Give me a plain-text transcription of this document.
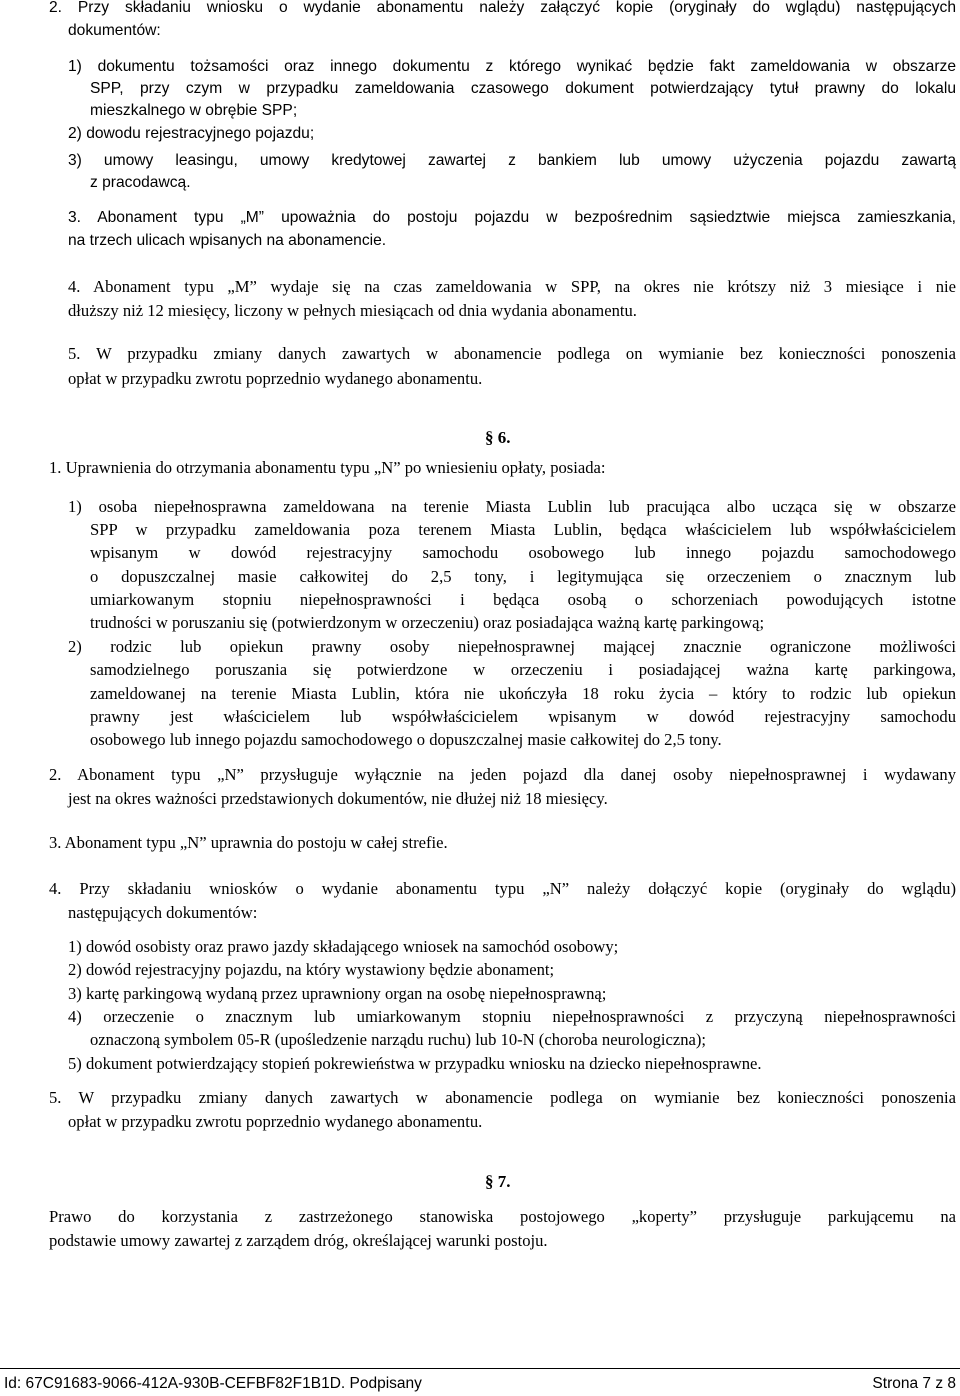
2. Przy składaniu wniosku o wydanie abonamentu należy załączyć kopie (oryginały do wglądu) następujących
dokumentów:
1) dokumentu tożsamości oraz innego dokumentu z którego wynikać będzie fakt zameldowania w obszarze
SPP, przy czym w przypadku zameldowania czasowego dokument potwierdzający tytuł prawny do lokalu
mieszkalnego w obrębie SPP;
2) dowodu rejestracyjnego pojazdu;
3) umowy leasingu, umowy kredytowej zawartej z bankiem lub umowy użyczenia pojazdu zawartą
z pracodawcą.
3. Abonament typu „M” upoważnia do postoju pojazdu w bezpośrednim sąsiedztwie miejsca zamieszkania,
na trzech ulicach wpisanych na abonamencie.
4. Abonament typu „M” wydaje się na czas zameldowania w SPP, na okres nie krótszy niż 3 miesiące i nie
dłuższy niż 12 miesięcy, liczony w pełnych miesiącach od dnia wydania abonamentu.
5. W przypadku zmiany danych zawartych w abonamencie podlega on wymianie bez konieczności ponoszenia
opłat w przypadku zwrotu poprzednio wydanego abonamentu.
§ 6.
1. Uprawnienia do otrzymania abonamentu typu „N” po wniesieniu opłaty, posiada:
1) osoba niepełnosprawna zameldowana na terenie Miasta Lublin lub pracująca albo ucząca się w obszarze
SPP w przypadku zameldowania poza terenem Miasta Lublin, będąca właścicielem lub współwłaścicielem
wpisanym w dowód rejestracyjny samochodu osobowego lub innego pojazdu samochodowego
o dopuszczalnej masie całkowitej do 2,5 tony, i legitymująca się orzeczeniem o znacznym lub
umiarkowanym stopniu niepełnosprawności i będąca osobą o schorzeniach powodujących istotne
trudności w poruszaniu się (potwierdzonym w orzeczeniu) oraz posiadająca ważną kartę parkingową;
2) rodzic lub opiekun prawny osoby niepełnosprawnej mającej znacznie ograniczone możliwości
samodzielnego poruszania się potwierdzone w orzeczeniu i posiadającej ważna kartę parkingowa,
zameldowanej na terenie Miasta Lublin, która nie ukończyła 18 roku życia – który to rodzic lub opiekun
prawny jest właścicielem lub współwłaścicielem wpisanym w dowód rejestracyjny samochodu
osobowego lub innego pojazdu samochodowego o dopuszczalnej masie całkowitej do 2,5 tony.
2. Abonament typu „N” przysługuje wyłącznie na jeden pojazd dla danej osoby niepełnosprawnej i wydawany
jest na okres ważności przedstawionych dokumentów, nie dłużej niż 18 miesięcy.
3. Abonament typu „N” uprawnia do postoju w całej strefie.
4. Przy składaniu wniosków o wydanie abonamentu typu „N” należy dołączyć kopie (oryginały do wglądu)
następujących dokumentów:
1) dowód osobisty oraz prawo jazdy składającego wniosek na samochód osobowy;
2) dowód rejestracyjny pojazdu, na który wystawiony będzie abonament;
3) kartę parkingową wydaną przez uprawniony organ na osobę niepełnosprawną;
4) orzeczenie o znacznym lub umiarkowanym stopniu niepełnosprawności z przyczyną niepełnosprawności
oznaczoną symbolem 05-R (upośledzenie narządu ruchu) lub 10-N (choroba neurologiczna);
5) dokument potwierdzający stopień pokrewieństwa w przypadku wniosku na dziecko niepełnosprawne.
5. W przypadku zmiany danych zawartych w abonamencie podlega on wymianie bez konieczności ponoszenia
opłat w przypadku zwrotu poprzednio wydanego abonamentu.
§ 7.
Prawo do korzystania z zastrzeżonego stanowiska postojowego „koperty” przysługuje parkującemu na
podstawie umowy zawartej z zarządem dróg, określającej warunki postoju.
Id: 67C91683-9066-412A-930B-CEFBF82F1B1D. Podpisany	Strona 7 z 8
